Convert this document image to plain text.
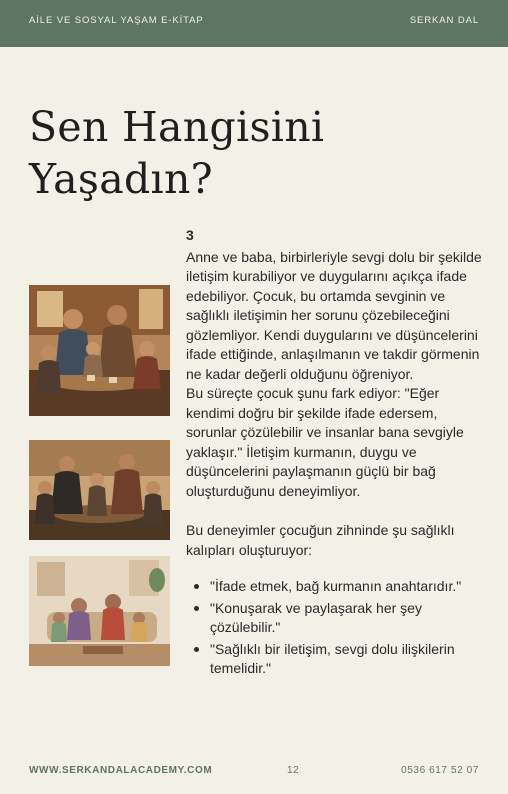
AİLE VE SOSYAL YAŞAM E-KİTAP	SERKAN DAL
Sen Hangisini
Yaşadın?
3

Anne ve baba, birbirleriyle sevgi dolu bir şekilde iletişim kurabiliyor ve duygularını açıkça ifade edebiliyor. Çocuk, bu ortamda sevginin ve sağlıklı iletişimin her sorunu çözebileceğini gözlemliyor. Kendi duygularını ve düşüncelerini ifade ettiğinde, anlaşılmanın ve takdir görmenin ne kadar değerli olduğunu öğreniyor.

Bu süreçte çocuk şunu fark ediyor: "Eğer kendimi doğru bir şekilde ifade edersem, sorunlar çözülebilir ve insanlar bana sevgiyle yaklaşır." İletişim kurmanın, duygu ve düşüncelerini paylaşmanın güçlü bir bağ oluşturduğunu deneyimliyor.

Bu deneyimler çocuğun zihninde şu sağlıklı kalıpları oluşturuyor:

"İfade etmek, bağ kurmanın anahtarıdır."
"Konuşarak ve paylaşarak her şey çözülebilir."
"Sağlıklı bir iletişim, sevgi dolu ilişkilerin temelidir."
WWW.SERKANDALACADEMY.COM	12	0536 617 52 07
